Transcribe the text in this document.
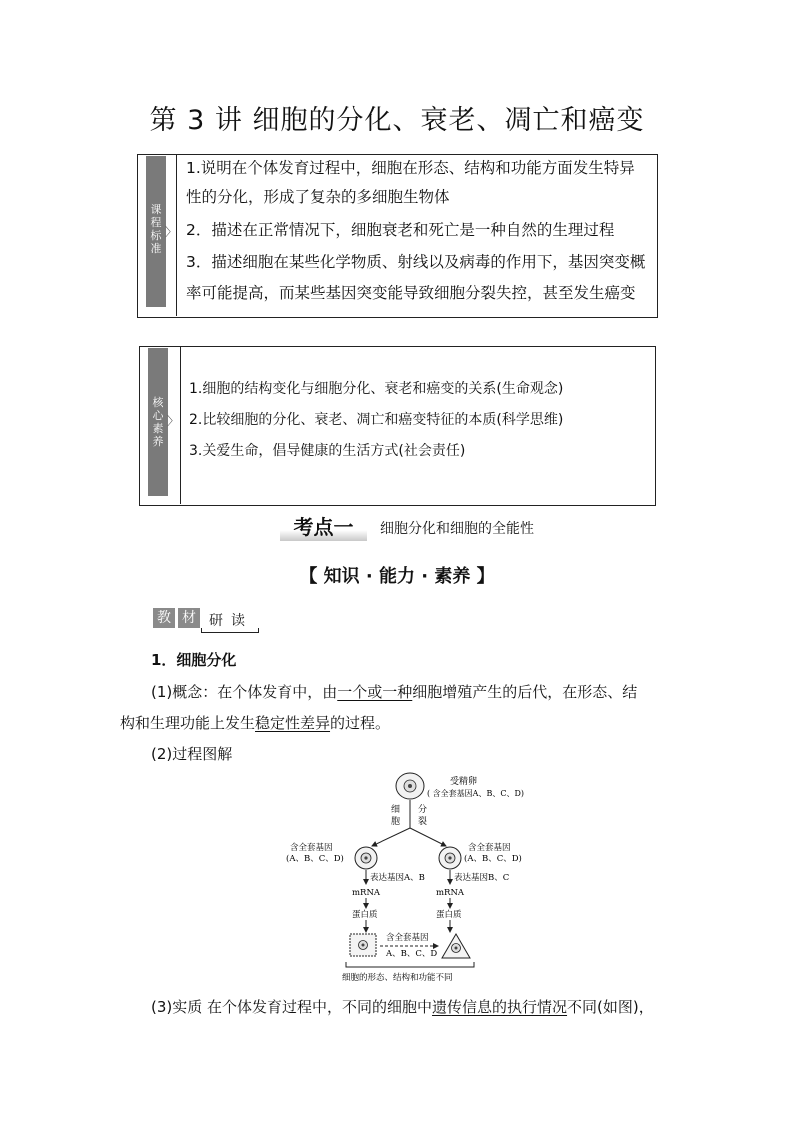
第 3 讲 细胞的分化、衰老、凋亡和癌变
课程标准
〉
1.说明在个体发育过程中，细胞在形态、结构和功能方面发生特异
性的分化，形成了复杂的多细胞生物体
2．描述在正常情况下，细胞衰老和死亡是一种自然的生理过程
3．描述细胞在某些化学物质、射线以及病毒的作用下，基因突变概
率可能提高，而某些基因突变能导致细胞分裂失控，甚至发生癌变
核心素养
〉
1.细胞的结构变化与细胞分化、衰老和癌变的关系(生命观念)
2.比较细胞的分化、衰老、凋亡和癌变特征的本质(科学思维)
3.关爱生命，倡导健康的生活方式(社会责任)
考点一	细胞分化和细胞的全能性
【 知识 · 能力 · 素养 】
教 材 研 读
1．细胞分化
(1)概念：在个体发育中，由一个或一种细胞增殖产生的后代，在形态、结
构和生理功能上发生稳定性差异的过程。
(2)过程图解
受精卵
( 含全套基因A、B、C、D)
细
胞
分
裂
含全套基因
(A、B、C、D)
含全套基因
(A、B、C、D)
表达基因A、B
mRNA
蛋白质
表达基因B、C
mRNA
蛋白质
含全套基因
A、B、C、D
细胞的形态、结构和功能不同
(3)实质 在个体发育过程中，不同的细胞中遗传信息的执行情况不同(如图)，
